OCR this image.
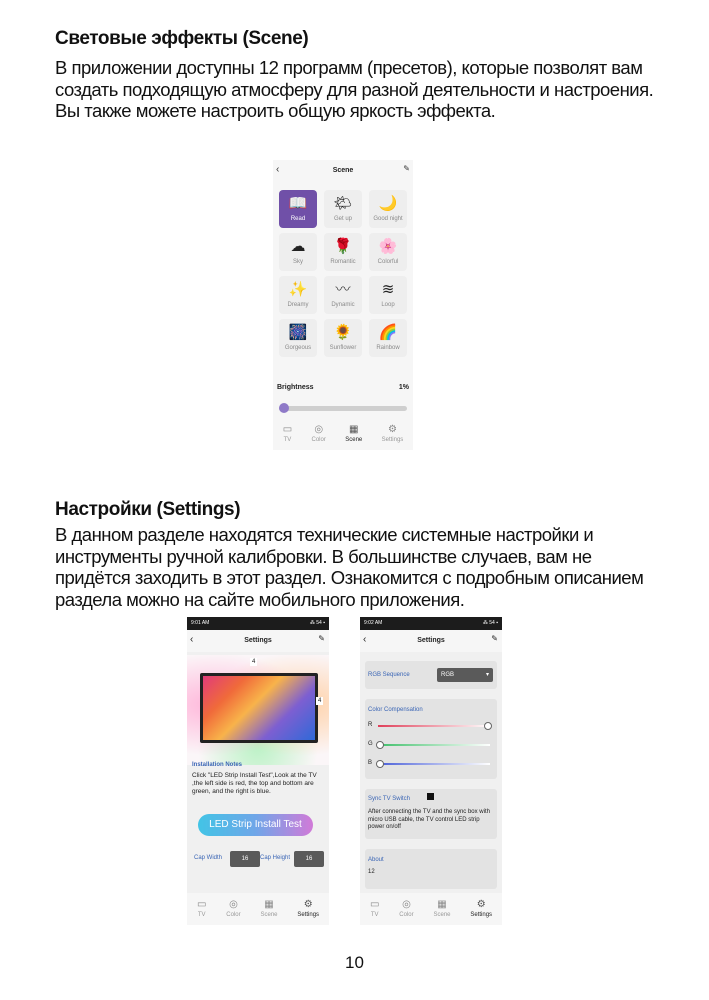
Световые эффекты (Scene)
В приложении доступны 12 программ (пресетов), которые позволят вам
создать подходящую атмосферу для разной деятельности и настроения.
Вы также можете настроить общую яркость эффекта.
‹	Scene	✎
📖
Read
🌤
Get up
🌙
Good night
☁
Sky
🌹
Romantic
🌸
Colorful
✨
Dreamy
〰
Dynamic
≋
Loop
🎆
Gorgeous
🌻
Sunflower
🌈
Rainbow
Brightness	1%
▭
TV
◎
Color
▦
Scene
⚙
Settings
Настройки (Settings)
В данном разделе находятся технические системные настройки и
инструменты ручной калибровки. В большинстве случаев, вам не
придётся заходить в этот раздел. Ознакомится с подробным описанием
раздела можно на сайте мобильного приложения.
9:01 AM	⁂ 54 ▪
‹	Settings	✎
4
4
Installation Notes
Click "LED Strip Install Test",Look at the TV ,the left side is red, the top and bottom are green, and the right is blue.
LED Strip Install Test
Cap Width	16	Cap Height	16
▭
TV
◎
Color
▦
Scene
⚙
Settings
9:02 AM	⁂ 54 ▪
‹	Settings	✎
RGB Sequence	RGB	▾
Color Compensation
R
G
B
Sync TV Switch
After connecting the TV and the sync box with micro USB cable, the TV control LED strip power on/off
About
12
▭
TV
◎
Color
▦
Scene
⚙
Settings
10
